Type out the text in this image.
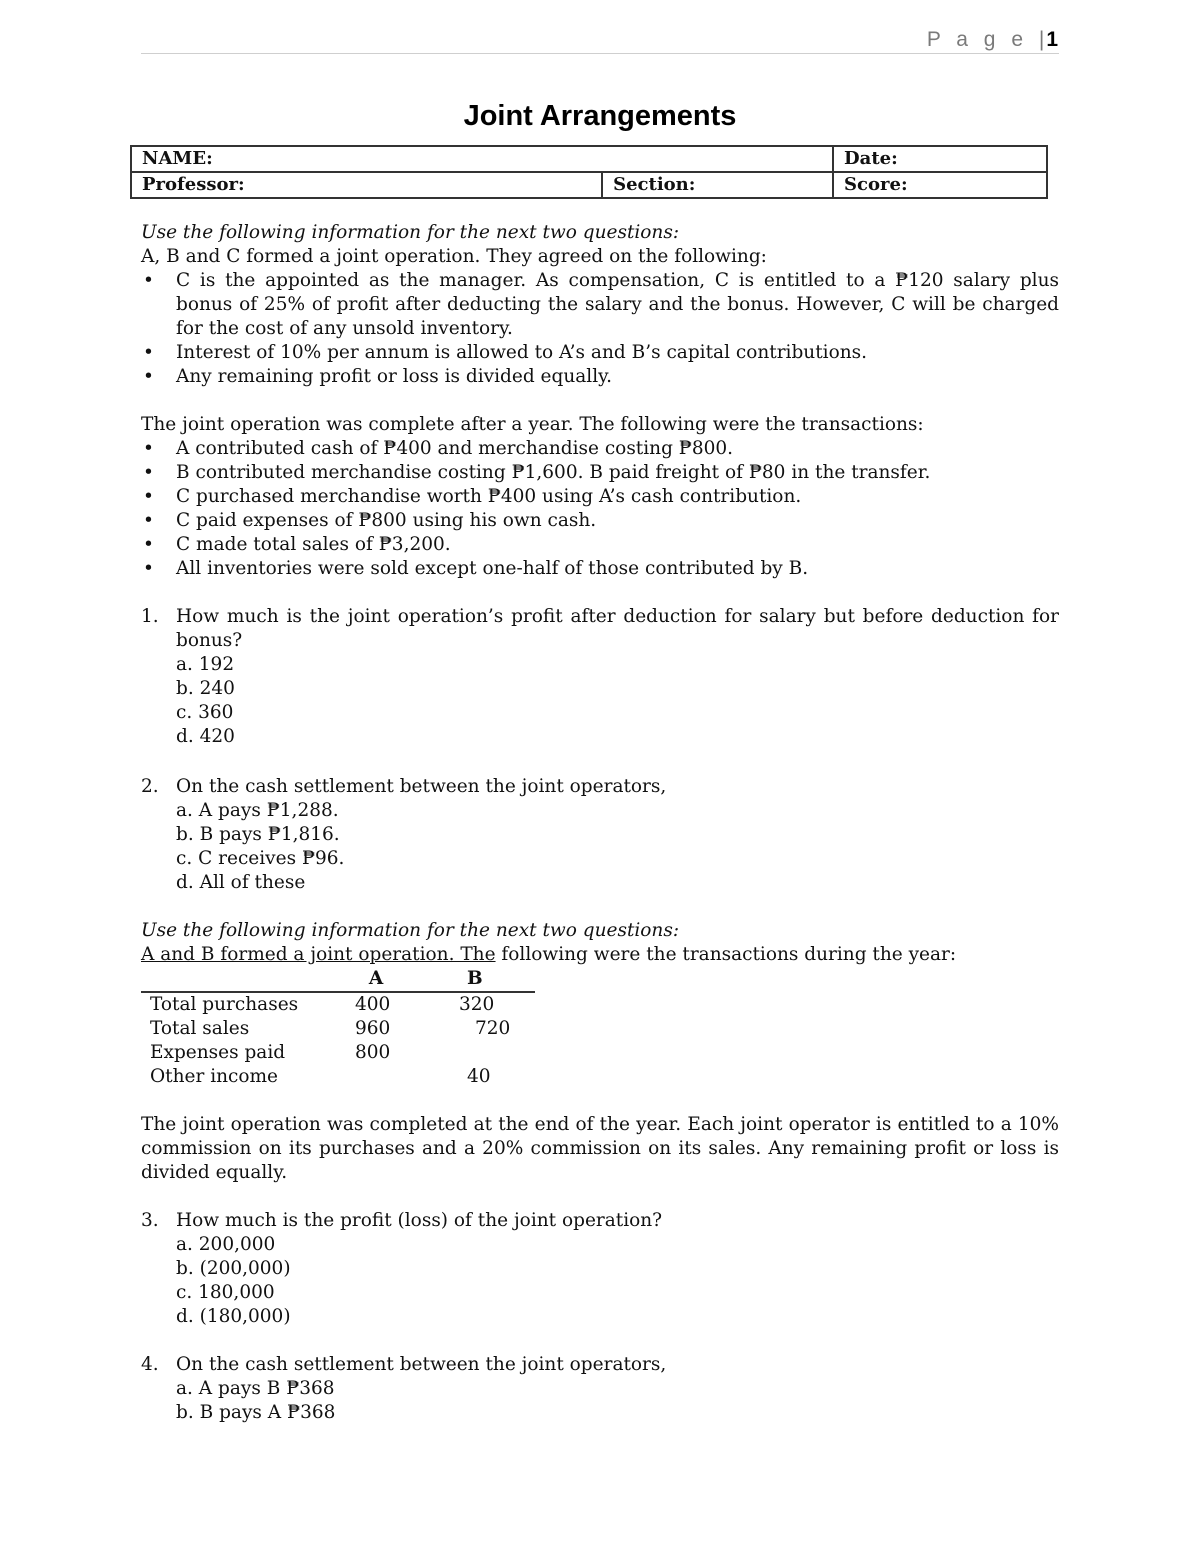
P a g e |1
Joint Arrangements
NAME:		Date:
Professor:	Section:	Score:

Use the following information for the next two questions:

A, B and C formed a joint operation. They agreed on the following:

• C is the appointed as the manager. As compensation, C is entitled to a ₱120 salary plus bonus of 25% of profit after deducting the salary and the bonus. However, C will be charged for the cost of any unsold inventory.
• Interest of 10% per annum is allowed to A’s and B’s capital contributions.
• Any remaining profit or loss is divided equally.

The joint operation was complete after a year. The following were the transactions:

• A contributed cash of ₱400 and merchandise costing ₱800.
• B contributed merchandise costing ₱1,600. B paid freight of ₱80 in the transfer.
• C purchased merchandise worth ₱400 using A’s cash contribution.
• C paid expenses of ₱800 using his own cash.
• C made total sales of ₱3,200.
• All inventories were sold except one-half of those contributed by B.
1. How much is the joint operation’s profit after deduction for salary but before deduction for bonus?
a. 192
b. 240
c. 360
d. 420
2. On the cash settlement between the joint operators,
a. A pays ₱1,288.
b. B pays ₱1,816.
c. C receives ₱96.
d. All of these

Use the following information for the next two questions:

A and B formed a joint operation. The following were the transactions during the year:

	A	B
Total purchases	400	320
Total sales	960	720
Expenses paid	800	
Other income		40

The joint operation was completed at the end of the year. Each joint operator is entitled to a 10% commission on its purchases and a 20% commission on its sales. Any remaining profit or loss is divided equally.

3. How much is the profit (loss) of the joint operation?
a. 200,000
b. (200,000)
c. 180,000
d. (180,000)
4. On the cash settlement between the joint operators,
a. A pays B ₱368
b. B pays A ₱368
